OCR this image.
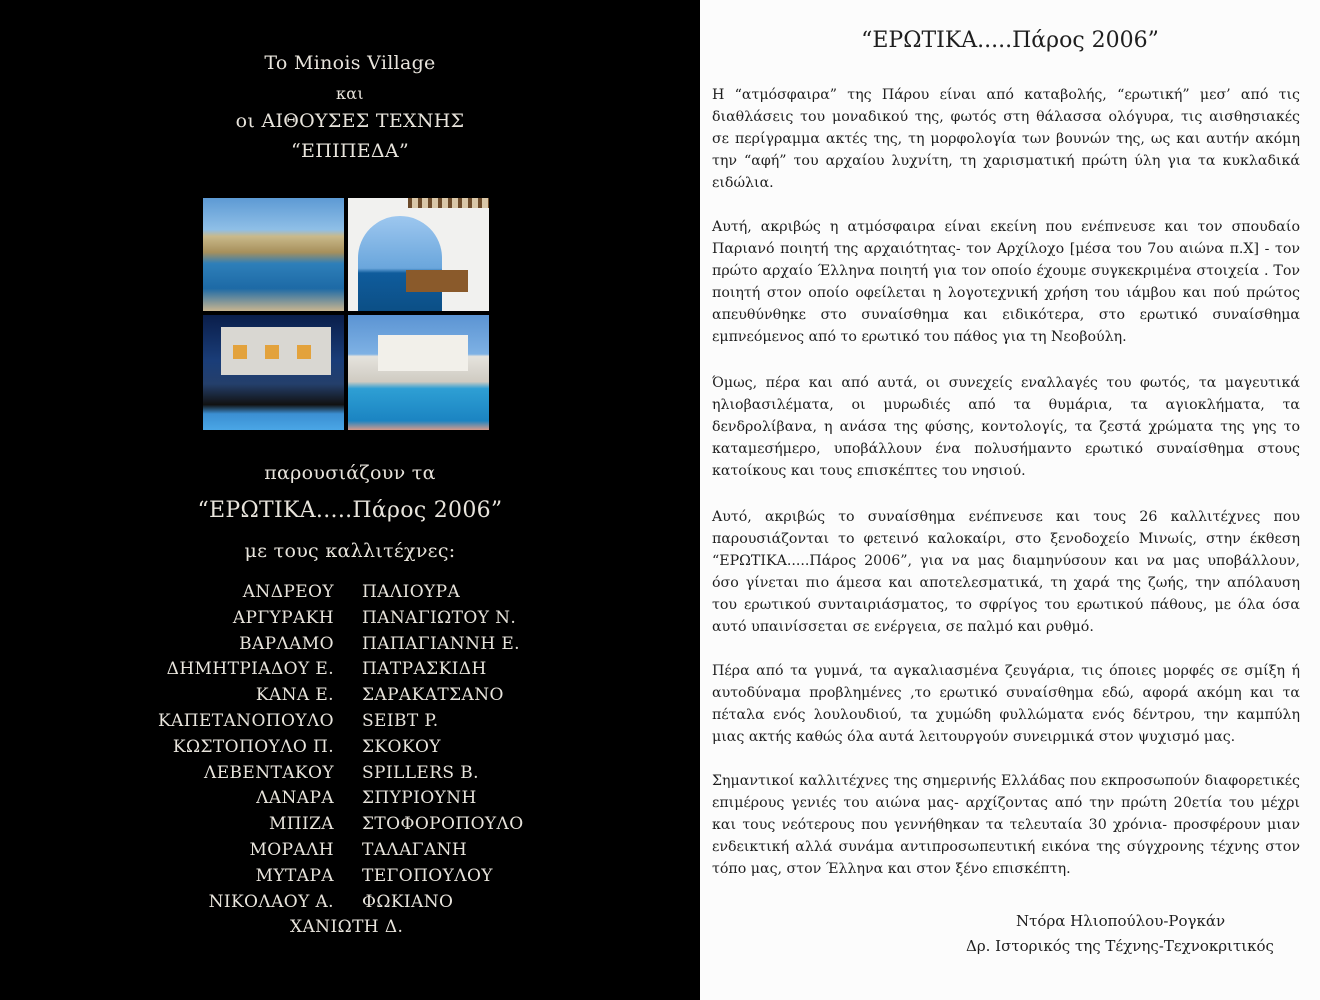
To Minois Village
και
οι ΑΙΘΟΥΣΕΣ ΤΕΧΝΗΣ
“ΕΠΙΠΕΔΑ”
παρουσιάζουν τα
“ΕΡΩΤΙΚΑ.....Πάρος 2006”
με τους καλλιτέχνες:
ΑΝΔΡΕΟΥ ΠΑΛΙΟΥΡΑ
ΑΡΓΥΡΑΚΗ ΠΑΝΑΓΙΩΤΟΥ Ν.
ΒΑΡΛΑΜΟ ΠΑΠΑΓΙΑΝΝΗ Ε.
ΔΗΜΗΤΡΙΑΔΟΥ Ε. ΠΑΤΡΑΣΚΙΔΗ
ΚΑΝΑ Ε. ΣΑΡΑΚΑΤΣΑΝΟ
ΚΑΠΕΤΑΝΟΠΟΥΛΟ SEIBT P.
ΚΩΣΤΟΠΟΥΛΟ Π. ΣΚΟΚΟΥ
ΛΕΒΕΝΤΑΚΟΥ SPILLERS B.
ΛΑΝΑΡΑ ΣΠΥΡΙΟΥΝΗ
ΜΠΙΖΑ ΣΤΟΦΟΡΟΠΟΥΛΟ
ΜΟΡΑΛΗ ΤΑΛΑΓΑΝΗ
ΜΥΤΑΡΑ ΤΕΓΟΠΟΥΛΟΥ
ΝΙΚΟΛΑΟΥ Α. ΦΩΚΙΑΝΟ
ΧΑΝΙΩΤΗ Δ.
“ΕΡΩΤΙΚΑ.....Πάρος 2006”

Η “ατμόσφαιρα” της Πάρου είναι από καταβολής, “ερωτική” μεσ’ από τις διαθλάσεις του μοναδικού της, φωτός στη θάλασσα ολόγυρα, τις αισθησιακές σε περίγραμμα ακτές της, τη μορφολογία των βουνών της, ως και αυτήν ακόμη την “αφή” του αρχαίου λυχνίτη, τη χαρισματική πρώτη ύλη για τα κυκλαδικά ειδώλια.

Αυτή, ακριβώς η ατμόσφαιρα είναι εκείνη που ενέπνευσε και τον σπουδαίο Παριανό ποιητή της αρχαιότητας- τον Αρχίλοχο [μέσα του 7ου αιώνα π.Χ] - τον πρώτο αρχαίο Έλληνα ποιητή για τον οποίο έχουμε συγκεκριμένα στοιχεία . Τον ποιητή στον οποίο οφείλεται η λογοτεχνική χρήση του ιάμβου και πού πρώτος απευθύνθηκε στο συναίσθημα και ειδικότερα, στο ερωτικό συναίσθημα εμπνεόμενος από το ερωτικό του πάθος για τη Νεοβούλη.

Όμως, πέρα και από αυτά, οι συνεχείς εναλλαγές του φωτός, τα μαγευτικά ηλιοβασιλέματα, οι μυρωδιές από τα θυμάρια, τα αγιοκλήματα, τα δενδρολίβανα, η ανάσα της φύσης, κοντολογίς, τα ζεστά χρώματα της γης το καταμεσήμερο, υποβάλλουν ένα πολυσήμαντο ερωτικό συναίσθημα στους κατοίκους και τους επισκέπτες του νησιού.

Αυτό, ακριβώς το συναίσθημα ενέπνευσε και τους 26 καλλιτέχνες που παρουσιάζονται το φετεινό καλοκαίρι, στο ξενοδοχείο Μινωίς, στην έκθεση “ΕΡΩΤΙΚΑ.....Πάρος 2006”, για να μας διαμηνύσουν και να μας υποβάλλουν, όσο γίνεται πιο άμεσα και αποτελεσματικά, τη χαρά της ζωής, την απόλαυση του ερωτικού συνταιριάσματος, το σφρίγος του ερωτικού πάθους, με όλα όσα αυτό υπαινίσσεται σε ενέργεια, σε παλμό και ρυθμό.

Πέρα από τα γυμνά, τα αγκαλιασμένα ζευγάρια, τις όποιες μορφές σε σμίξη ή αυτοδύναμα προβλημένες ,το ερωτικό συναίσθημα εδώ, αφορά ακόμη και τα πέταλα ενός λουλουδιού, τα χυμώδη φυλλώματα ενός δέντρου, την καμπύλη μιας ακτής καθώς όλα αυτά λειτουργούν συνειρμικά στον ψυχισμό μας.

Σημαντικοί καλλιτέχνες της σημερινής Ελλάδας που εκπροσωπούν διαφορετικές επιμέρους γενιές του αιώνα μας- αρχίζοντας από την πρώτη 20ετία του μέχρι και τους νεότερους που γεννήθηκαν τα τελευταία 30 χρόνια- προσφέρουν μιαν ενδεικτική αλλά συνάμα αντιπροσωπευτική εικόνα της σύγχρονης τέχνης στον τόπο μας, στον Έλληνα και στον ξένο επισκέπτη.

Ντόρα Ηλιοπούλου-Ρογκάν
Δρ. Ιστορικός της Τέχνης-Τεχνοκριτικός
